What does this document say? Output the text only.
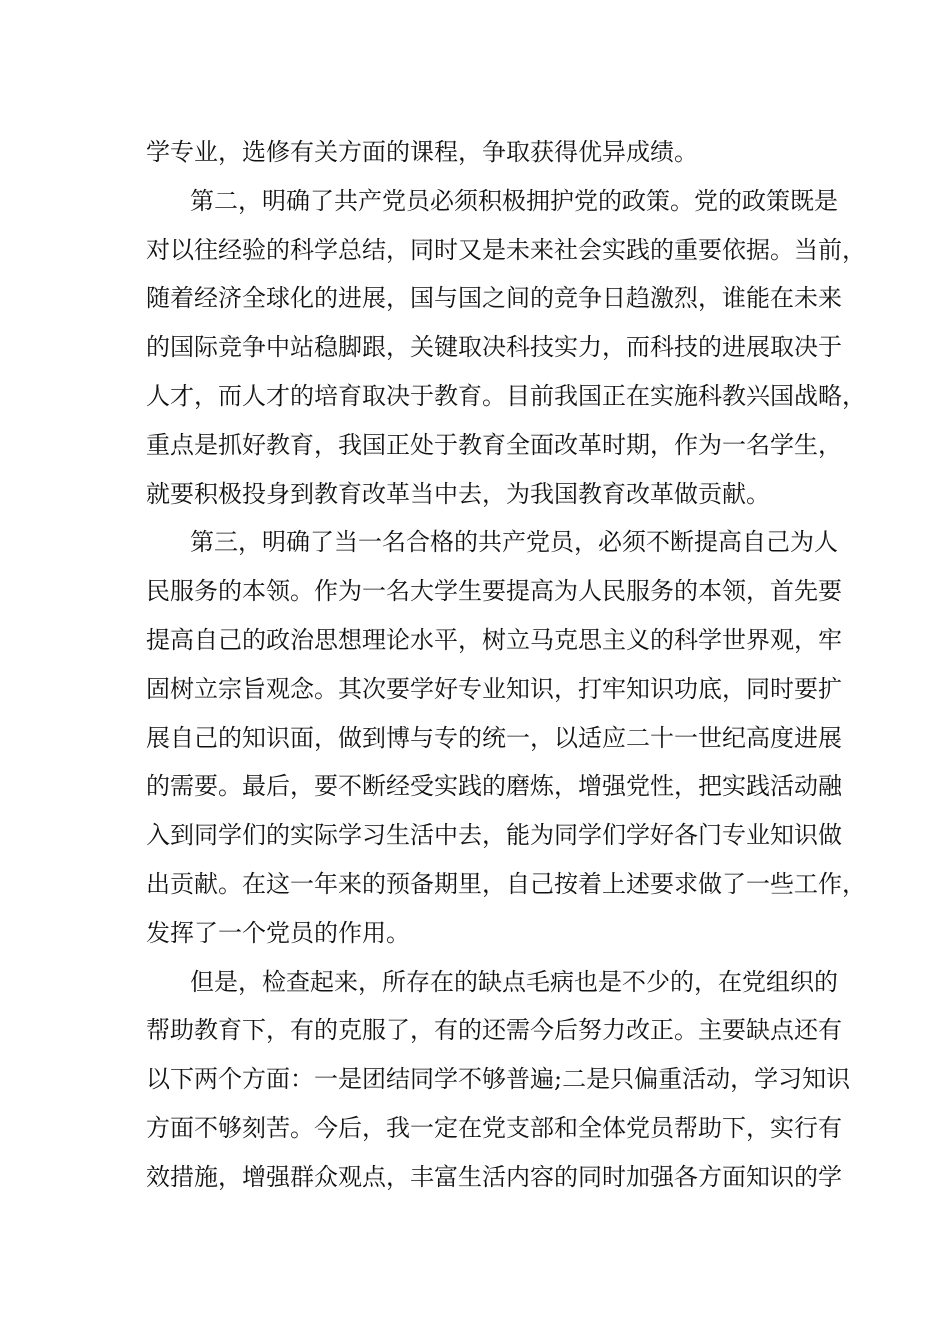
学专业，选修有关方面的课程，争取获得优异成绩。
第二，明确了共产党员必须积极拥护党的政策。党的政策既是
对以往经验的科学总结，同时又是未来社会实践的重要依据。当前，
随着经济全球化的进展，国与国之间的竞争日趋激烈，谁能在未来
的国际竞争中站稳脚跟，关键取决科技实力，而科技的进展取决于
人才，而人才的培育取决于教育。目前我国正在实施科教兴国战略，
重点是抓好教育，我国正处于教育全面改革时期，作为一名学生，
就要积极投身到教育改革当中去，为我国教育改革做贡献。
第三，明确了当一名合格的共产党员，必须不断提高自己为人
民服务的本领。作为一名大学生要提高为人民服务的本领，首先要
提高自己的政治思想理论水平，树立马克思主义的科学世界观，牢
固树立宗旨观念。其次要学好专业知识，打牢知识功底，同时要扩
展自己的知识面，做到博与专的统一，以适应二十一世纪高度进展
的需要。最后，要不断经受实践的磨炼，增强党性，把实践活动融
入到同学们的实际学习生活中去，能为同学们学好各门专业知识做
出贡献。在这一年来的预备期里，自己按着上述要求做了一些工作，
发挥了一个党员的作用。
但是，检查起来，所存在的缺点毛病也是不少的，在党组织的
帮助教育下，有的克服了，有的还需今后努力改正。主要缺点还有
以下两个方面：一是团结同学不够普遍;二是只偏重活动，学习知识
方面不够刻苦。今后，我一定在党支部和全体党员帮助下，实行有
效措施，增强群众观点，丰富生活内容的同时加强各方面知识的学
